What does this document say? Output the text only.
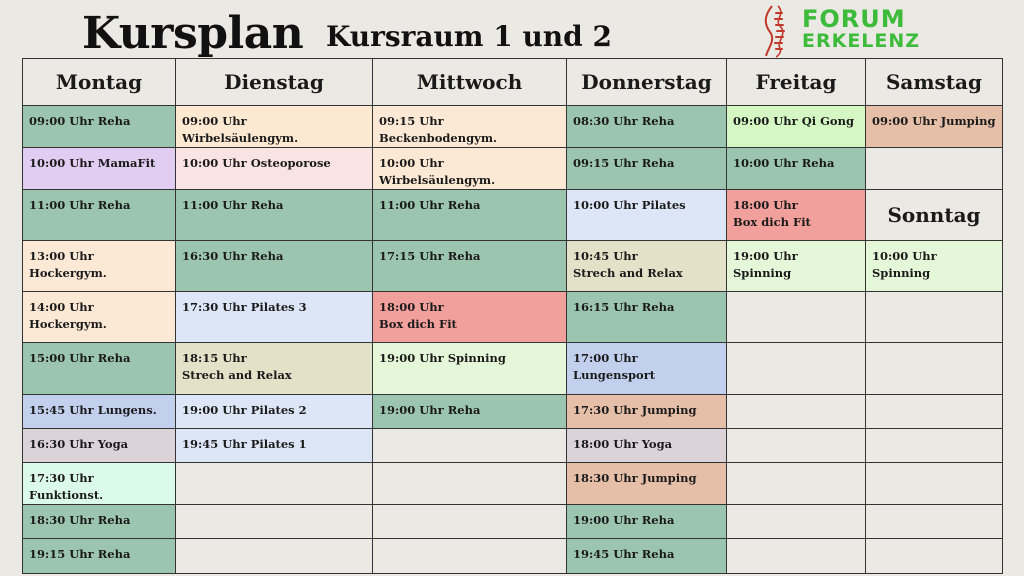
Kursplan Kursraum 1 und 2
FORUM
ERKELENZ
Montag	Dienstag	Mittwoch	Donnerstag	Freitag	Samstag

09:00 Uhr Reha	09:00 Uhr Wirbelsäulengym.	09:15 Uhr Beckenbodengym.	08:30 Uhr Reha	09:00 Uhr Qi Gong	09:00 Uhr Jumping

10:00 Uhr MamaFit	10:00 Uhr Osteoporose	10:00 Uhr Wirbelsäulengym.	09:15 Uhr Reha	10:00 Uhr Reha	

11:00 Uhr Reha	11:00 Uhr Reha	11:00 Uhr Reha	10:00 Uhr Pilates	18:00 Uhr
Box dich Fit	Sonntag

13:00 Uhr Hockergym.	16:30 Uhr Reha	17:15 Uhr Reha	10:45 Uhr
Strech and Relax	19:00 Uhr Spinning	10:00 Uhr Spinning

14:00 Uhr Hockergym.	17:30 Uhr Pilates 3	18:00 Uhr
Box dich Fit	16:15 Uhr Reha		

15:00 Uhr Reha	18:15 Uhr
Strech and Relax	19:00 Uhr Spinning	17:00 Uhr Lungensport		

15:45 Uhr Lungens.	19:00 Uhr Pilates 2	19:00 Uhr Reha	17:30 Uhr Jumping		

16:30 Uhr Yoga	19:45 Uhr Pilates 1		18:00 Uhr Yoga		

17:30 Uhr Funktionst.			18:30 Uhr Jumping		

18:30 Uhr Reha			19:00 Uhr Reha		

19:15 Uhr Reha			19:45 Uhr Reha		
